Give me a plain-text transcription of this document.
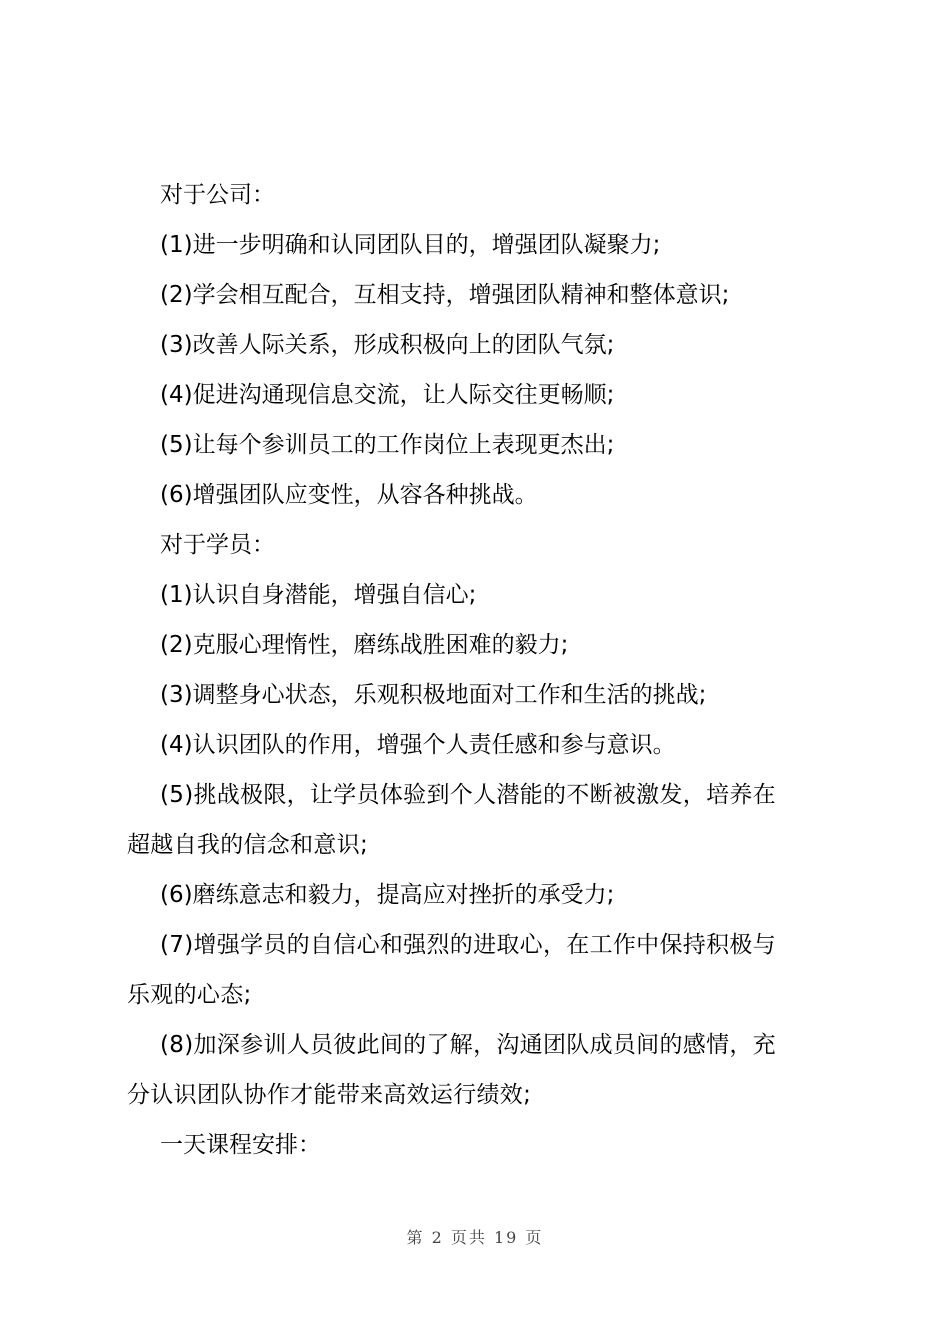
对于公司：
(1)进一步明确和认同团队目的，增强团队凝聚力;
(2)学会相互配合，互相支持，增强团队精神和整体意识;
(3)改善人际关系，形成积极向上的团队气氛;
(4)促进沟通现信息交流，让人际交往更畅顺;
(5)让每个参训员工的工作岗位上表现更杰出;
(6)增强团队应变性，从容各种挑战。
对于学员：
(1)认识自身潜能，增强自信心;
(2)克服心理惰性，磨练战胜困难的毅力;
(3)调整身心状态，乐观积极地面对工作和生活的挑战;
(4)认识团队的作用，增强个人责任感和参与意识。
(5)挑战极限，让学员体验到个人潜能的不断被激发，培养在
超越自我的信念和意识;
(6)磨练意志和毅力，提高应对挫折的承受力;
(7)增强学员的自信心和强烈的进取心，在工作中保持积极与
乐观的心态;
(8)加深参训人员彼此间的了解，沟通团队成员间的感情，充
分认识团队协作才能带来高效运行绩效;
一天课程安排：
第 2 页共 19 页
